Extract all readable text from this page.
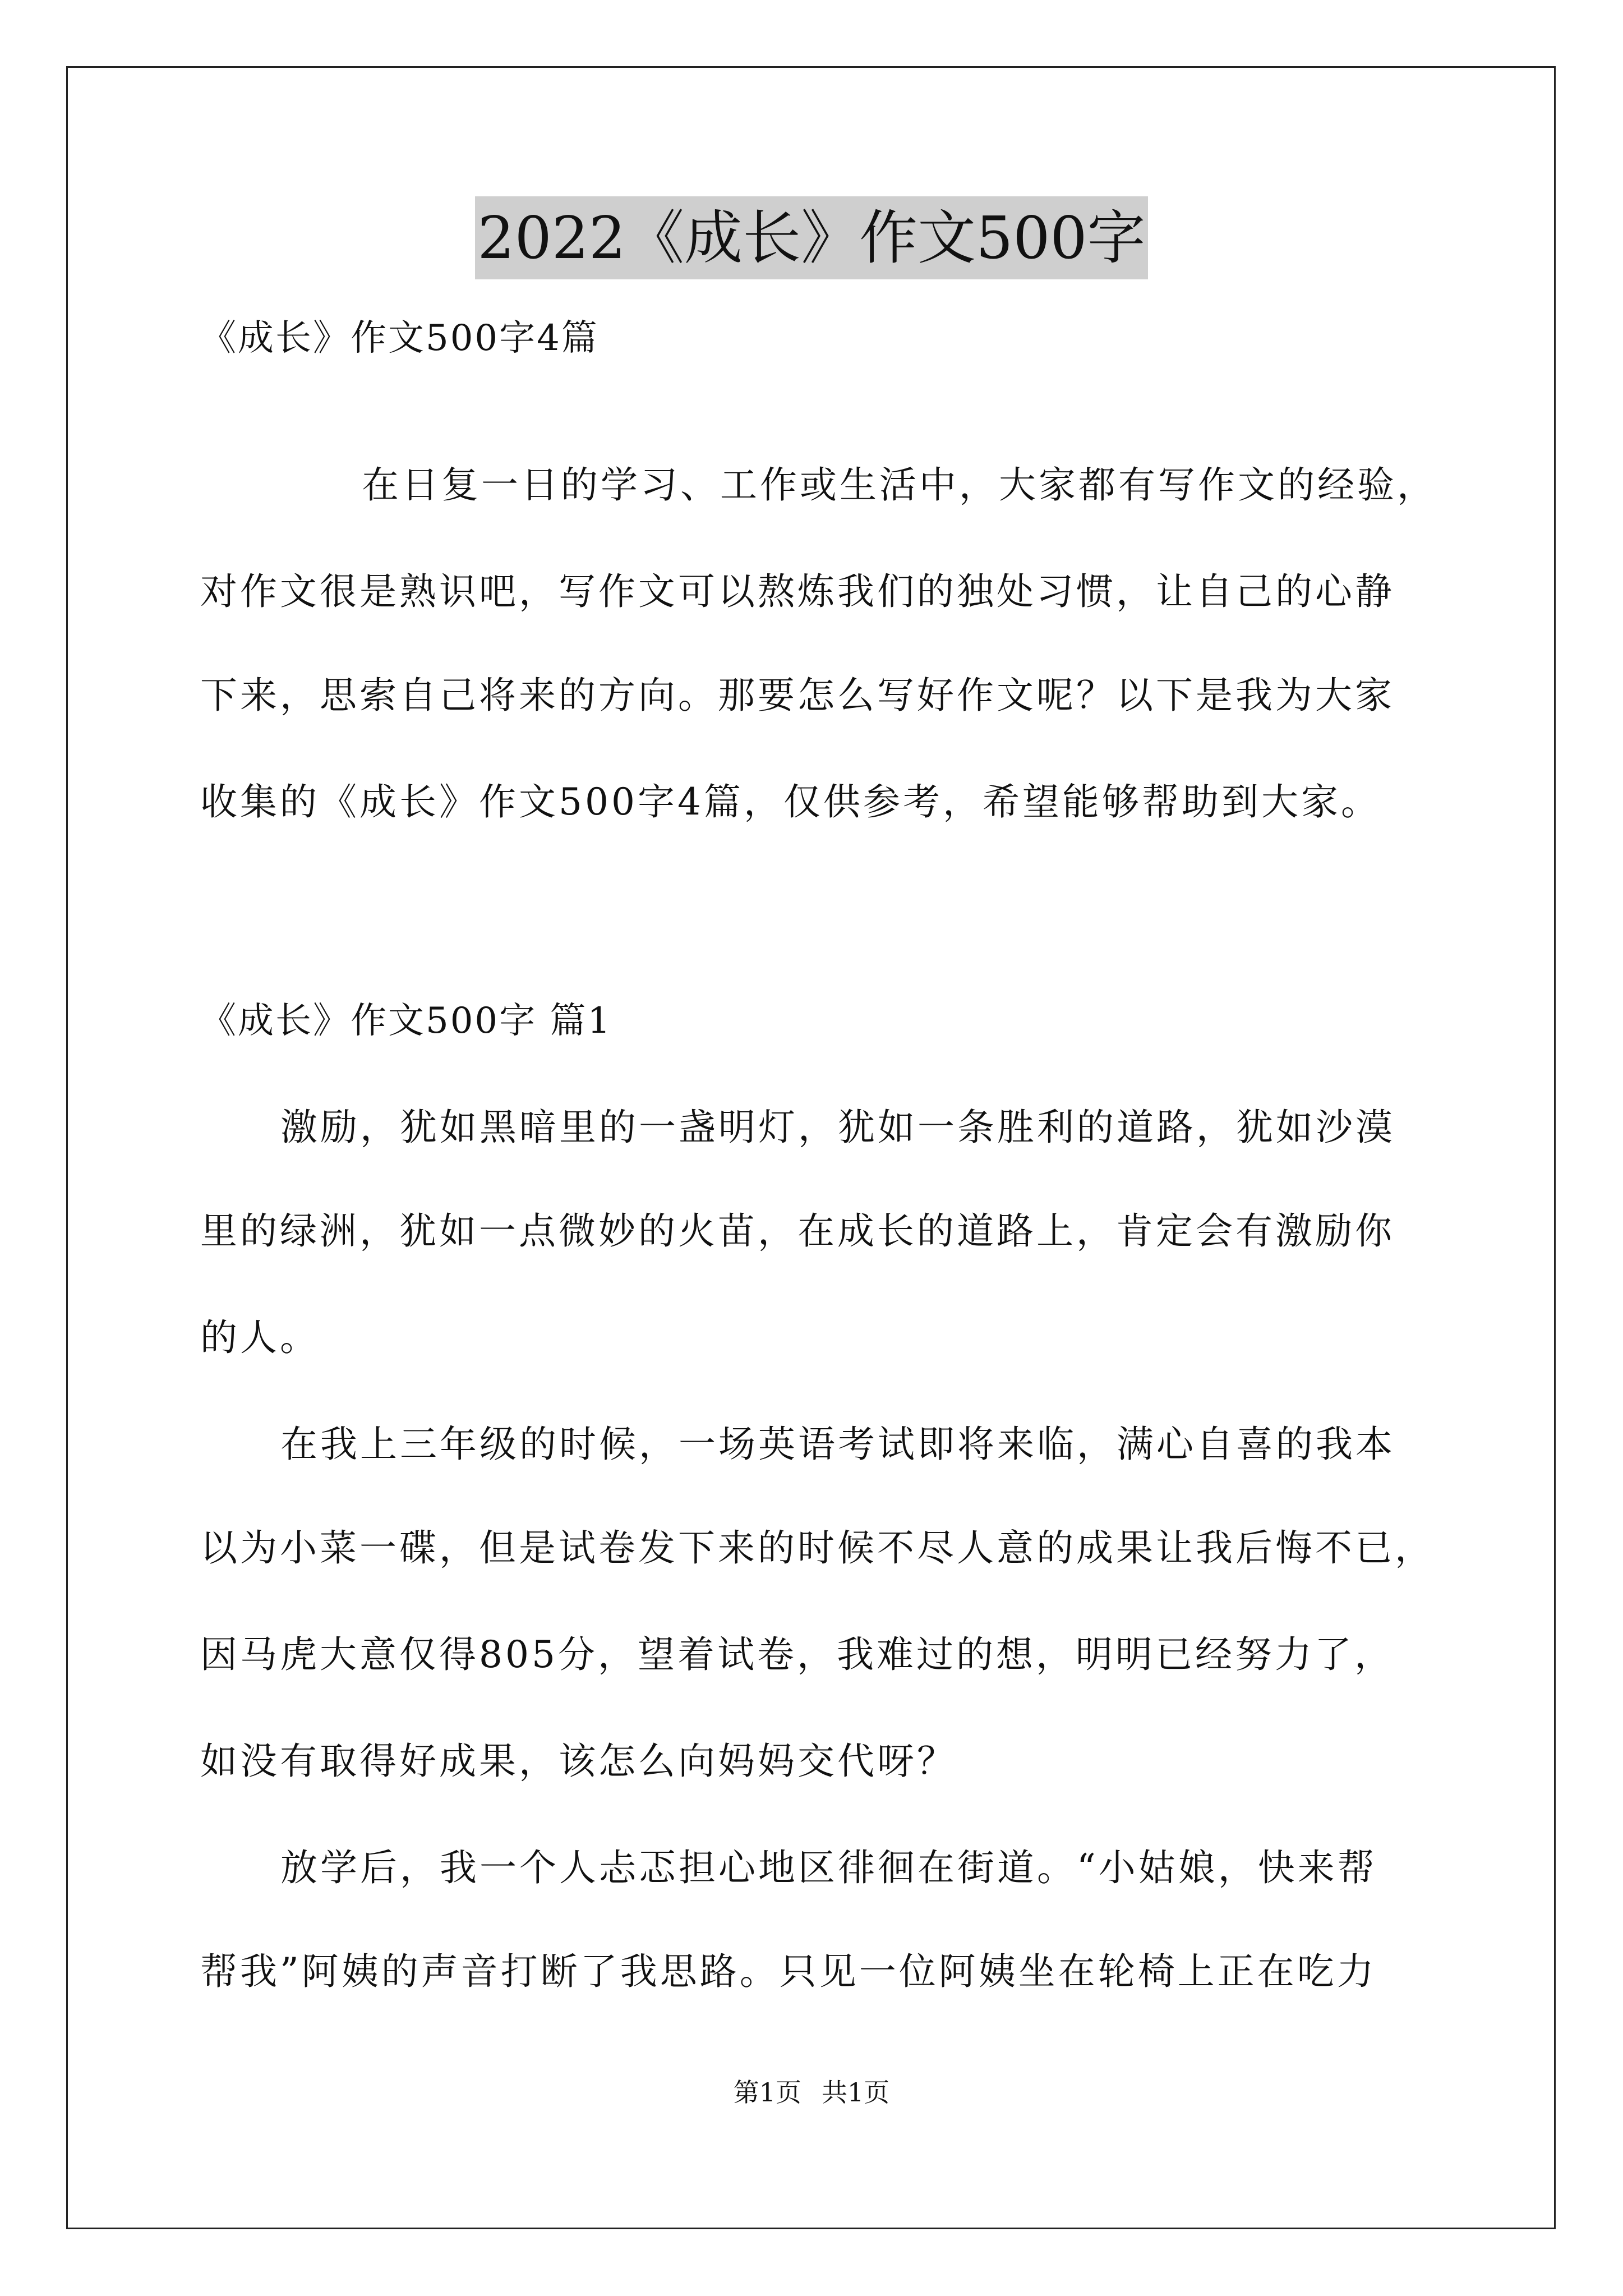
2022《成长》作文500字
《成长》作文500字4篇
在日复一日的学习、工作或生活中，大家都有写作文的经验，
对作文很是熟识吧，写作文可以熬炼我们的独处习惯，让自己的心静
下来，思索自己将来的方向。那要怎么写好作文呢？以下是我为大家
收集的《成长》作文500字4篇，仅供参考，希望能够帮助到大家。
《成长》作文500字 篇1
激励，犹如黑暗里的一盏明灯，犹如一条胜利的道路，犹如沙漠
里的绿洲，犹如一点微妙的火苗，在成长的道路上，肯定会有激励你
的人。
在我上三年级的时候，一场英语考试即将来临，满心自喜的我本
以为小菜一碟，但是试卷发下来的时候不尽人意的成果让我后悔不已，
因马虎大意仅得805分，望着试卷，我难过的想，明明已经努力了，
如没有取得好成果，该怎么向妈妈交代呀？
放学后，我一个人忐忑担心地区徘徊在街道。“小姑娘，快来帮
帮我”阿姨的声音打断了我思路。只见一位阿姨坐在轮椅上正在吃力
第1页 共1页
